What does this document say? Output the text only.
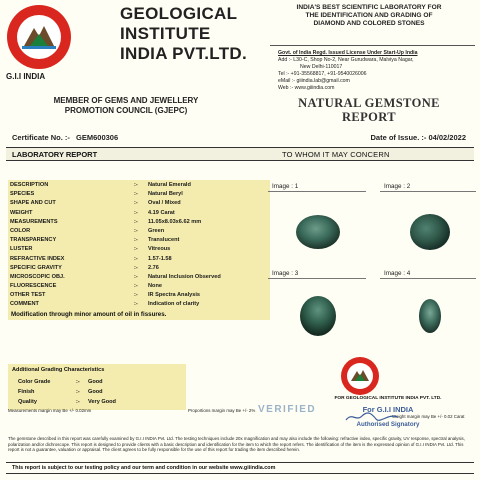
G.I.I INDIA
GEOLOGICAL
INSTITUTE
INDIA PVT.LTD.
MEMBER OF GEMS AND JEWELLERY
PROMOTION COUNCIL (GJEPC)
INDIA'S BEST SCIENTIFIC LABORATORY FOR
THE IDENTIFICATION AND GRADING OF
DIAMOND AND COLORED STONES
Govt. of India Regd. Issued License Under Start-Up India
Add :- L30-C, Shop No-2, Near Gurudwara, Malviya Nagar,
New Delhi-110017
Tel :- +91-35568817, +91-9540026006
eMail :- giiindia.lab@gmail.com
Web :- www.giiindia.com
NATURAL GEMSTONE
REPORT
Certificate No. :- GEM600306	Date of Issue. :- 04/02/2022
LABORATORY REPORT	TO WHOM IT MAY CONCERN
DESCRIPTION	:-	Natural Emerald
SPECIES	:-	Natural Beryl
SHAPE AND CUT	:-	Oval / Mixed
WEIGHT	:-	4.19 Carat
MEASUREMENTS	:-	11.05x8.03x6.62 mm
COLOR	:-	Green
TRANSPARENCY	:-	Translucent
LUSTER	:-	Vitreous
REFRACTIVE INDEX	:-	1.57-1.58
SPECIFIC GRAVITY	:-	2.76
MICROSCOPIC OBJ.	:-	Natural Inclusion Observed
FLUORESCENCE	:-	None
OTHER TEST	:-	IR Spectra Analysis
COMMENT	:-	Indication of clarity
Modification through minor amount of oil in fissures.
Image : 1	Image : 2
Image : 3	Image : 4
Additional Grading Characteristics
Color Grade	:-	Good
Finish	:-	Good
Quality	:-	Very Good
Measurements margin may Be +/- 0.02mm	Proportions margin may Be +/- 2%
Weight margin may Be +/- 0.02 Carat
VERIFIED
FOR GEOLOGICAL INSTITUTE INDIA PVT. LTD.
For G.I.I INDIA
Authorised Signatory
The gemstone described in this report was carefully examined by G.I.I INDIA Pvt. Ltd. The testing techniques include 20x magnification and may also include the following: refractive index, specific gravity, UV response, spectral analysis, polarization and/or dichroscope. This report is designed to provide clients with a basic description and identification for the item to which the report refers. The identification of the item is the expressed opinion of G.I.I INDIA Pvt. Ltd. This report is not a guarantee, valuation or appraisal. The client agrees to be fully responsible for the use of this report for trading the item described herein.
This report is subject to our testing policy and our term and condition in our website www.giiindia.com
